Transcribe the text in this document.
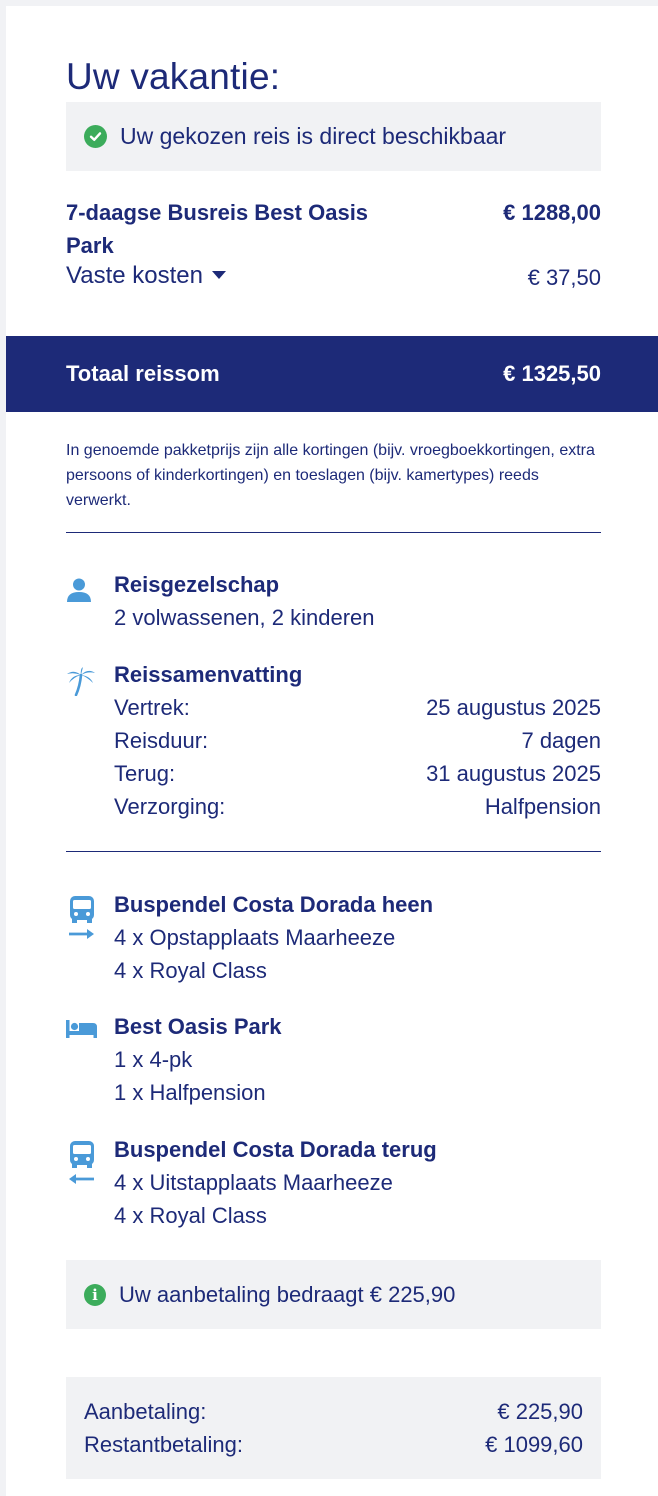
Uw vakantie:
Uw gekozen reis is direct beschikbaar
7-daagse Busreis Best Oasis Park
€ 1288,00
Vaste kosten	€ 37,50
Totaal reissom	€ 1325,50
In genoemde pakketprijs zijn alle kortingen (bijv. vroegboekkortingen, extra persoons of kinderkortingen) en toeslagen (bijv. kamertypes) reeds verwerkt.
Reisgezelschap
2 volwassenen, 2 kinderen
Reissamenvatting
Vertrek:	25 augustus 2025
Reisduur:	7 dagen
Terug:	31 augustus 2025
Verzorging:	Halfpension
Buspendel Costa Dorada heen
4 x Opstapplaats Maarheeze
4 x Royal Class
Best Oasis Park
1 x 4-pk
1 x Halfpension
Buspendel Costa Dorada terug
4 x Uitstapplaats Maarheeze
4 x Royal Class
i Uw aanbetaling bedraagt € 225,90
Aanbetaling:	€ 225,90
Restantbetaling:	€ 1099,60
